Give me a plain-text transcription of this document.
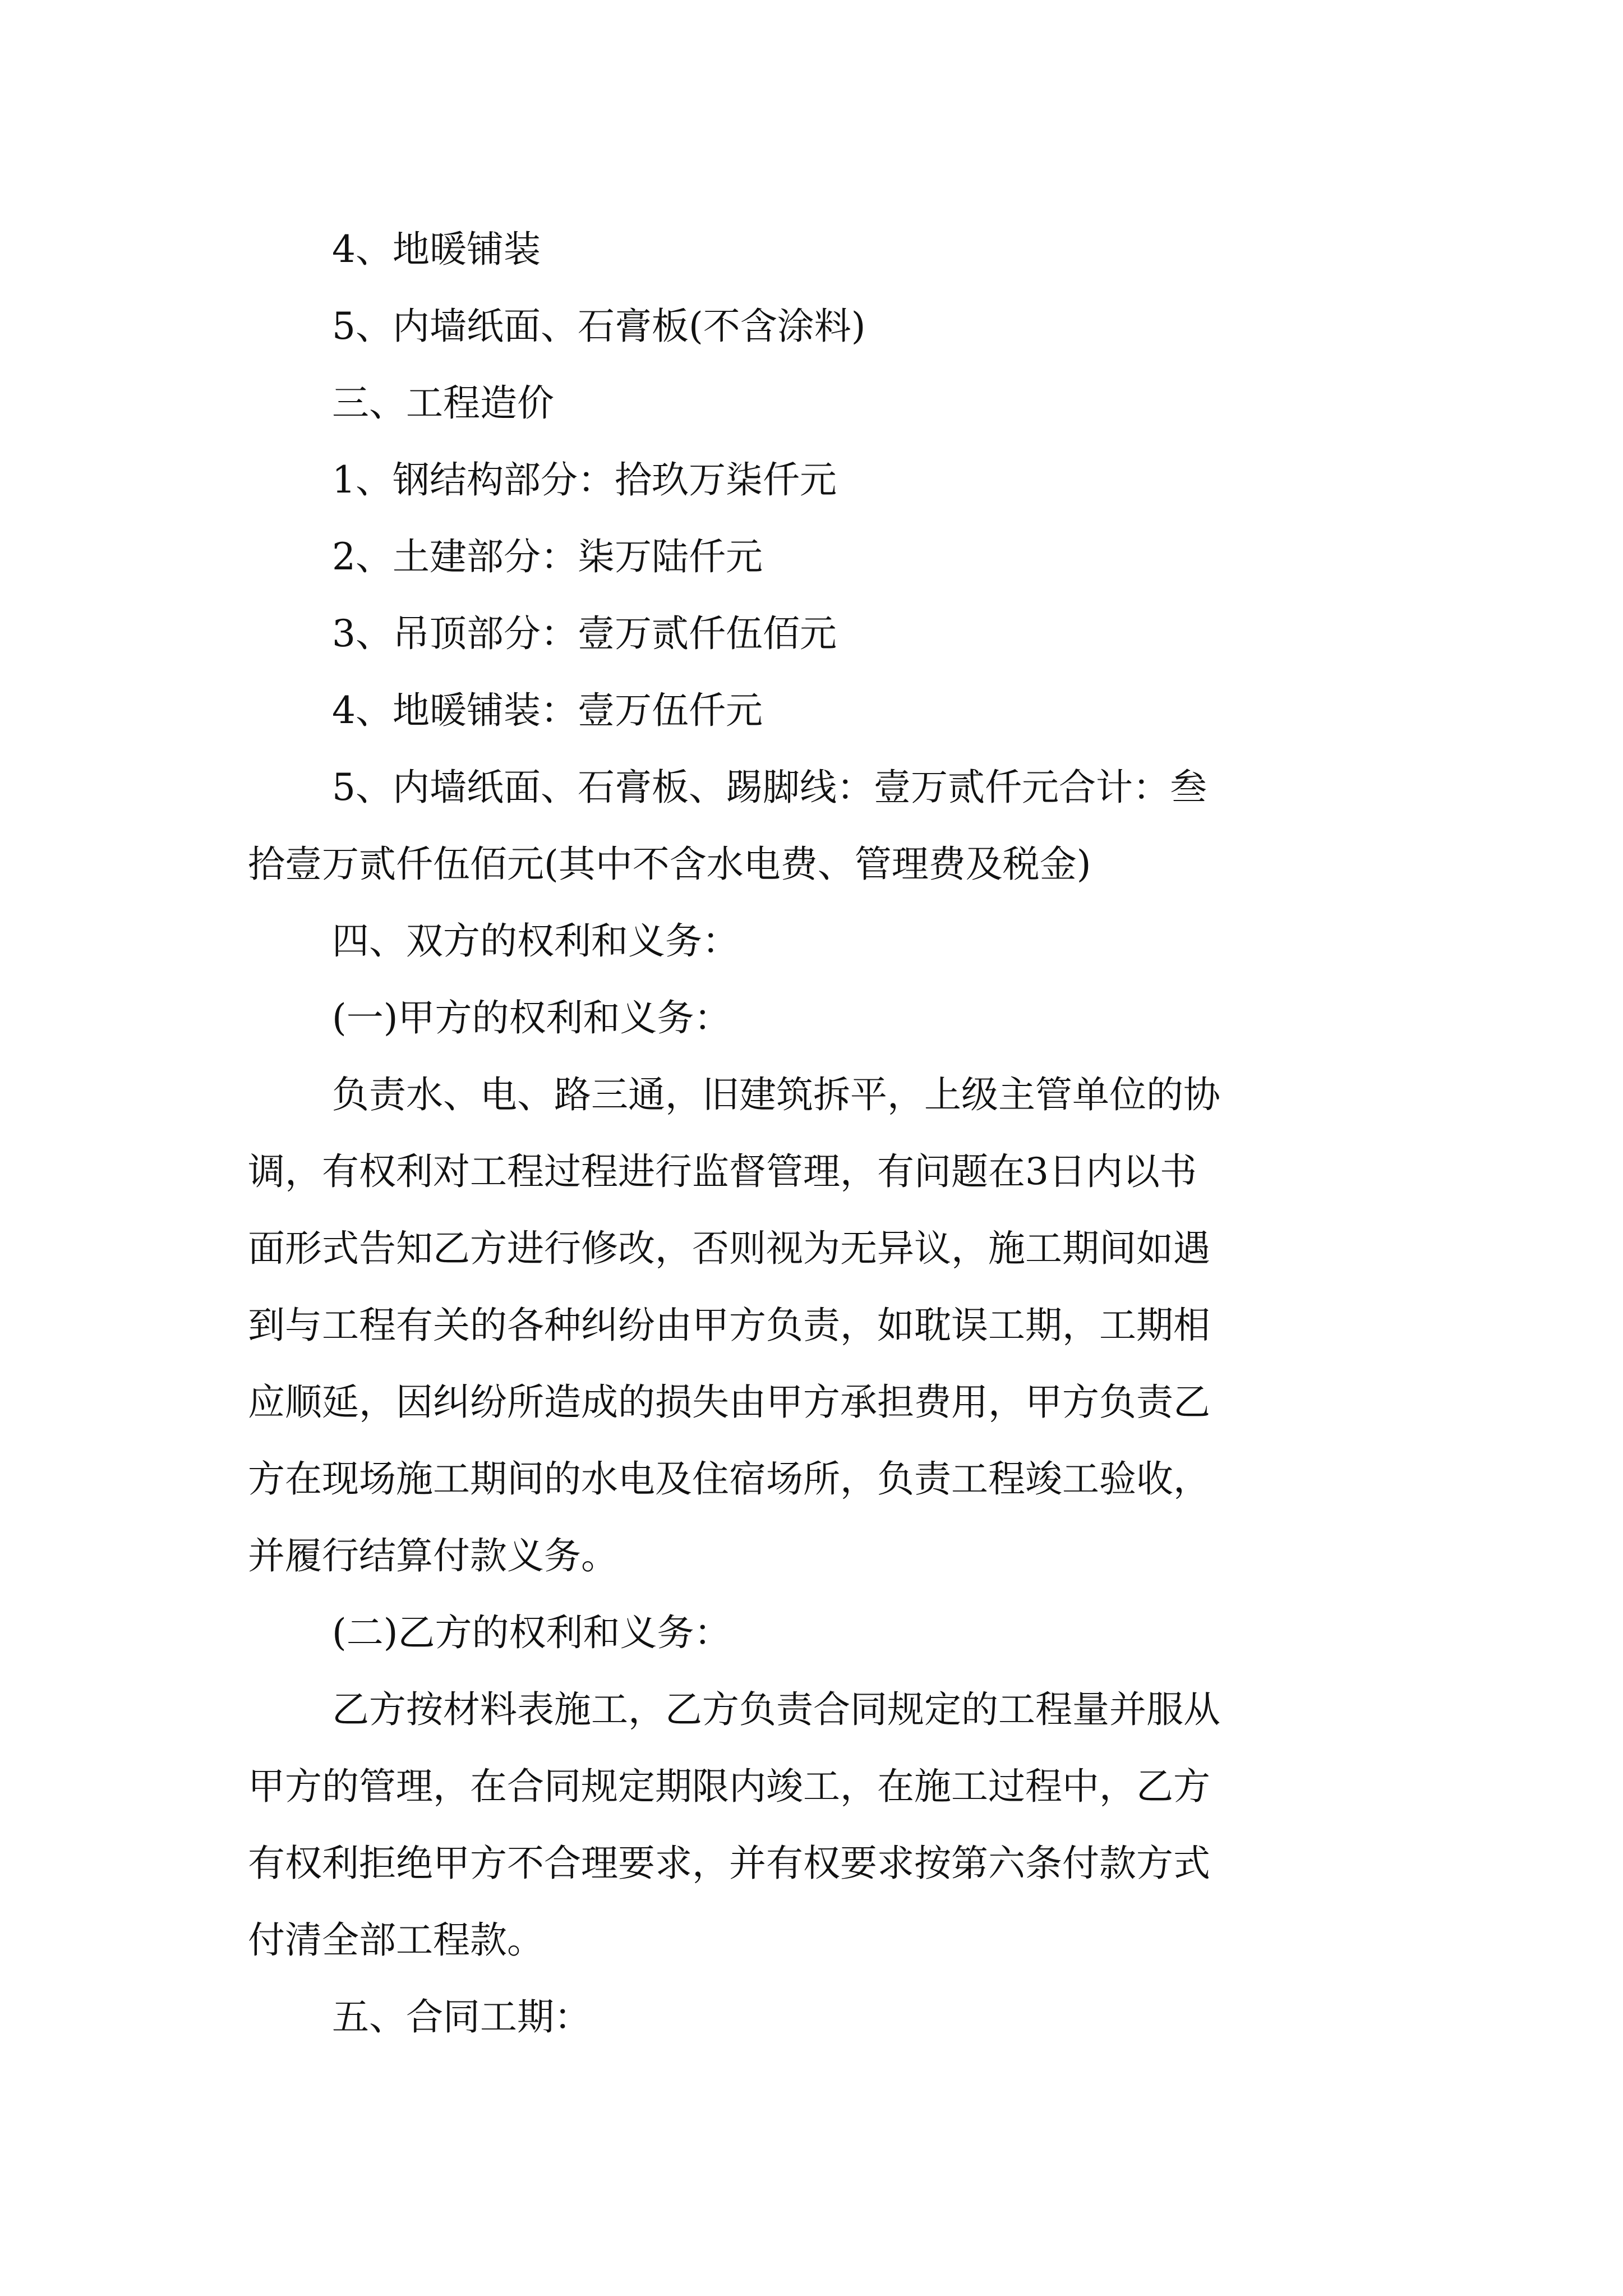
4、地暖铺装
5、内墙纸面、石膏板(不含涂料)
三、工程造价
1、钢结构部分：拾玖万柒仟元
2、土建部分：柒万陆仟元
3、吊顶部分：壹万贰仟伍佰元
4、地暖铺装：壹万伍仟元
5、内墙纸面、石膏板、踢脚线：壹万贰仟元合计：叁
拾壹万贰仟伍佰元(其中不含水电费、管理费及税金)
四、双方的权利和义务：
(一)甲方的权利和义务：
负责水、电、路三通，旧建筑拆平，上级主管单位的协
调，有权利对工程过程进行监督管理，有问题在3日内以书
面形式告知乙方进行修改，否则视为无异议，施工期间如遇
到与工程有关的各种纠纷由甲方负责，如耽误工期，工期相
应顺延，因纠纷所造成的损失由甲方承担费用，甲方负责乙
方在现场施工期间的水电及住宿场所，负责工程竣工验收，
并履行结算付款义务。
(二)乙方的权利和义务：
乙方按材料表施工，乙方负责合同规定的工程量并服从
甲方的管理，在合同规定期限内竣工，在施工过程中，乙方
有权利拒绝甲方不合理要求，并有权要求按第六条付款方式
付清全部工程款。
五、合同工期：
